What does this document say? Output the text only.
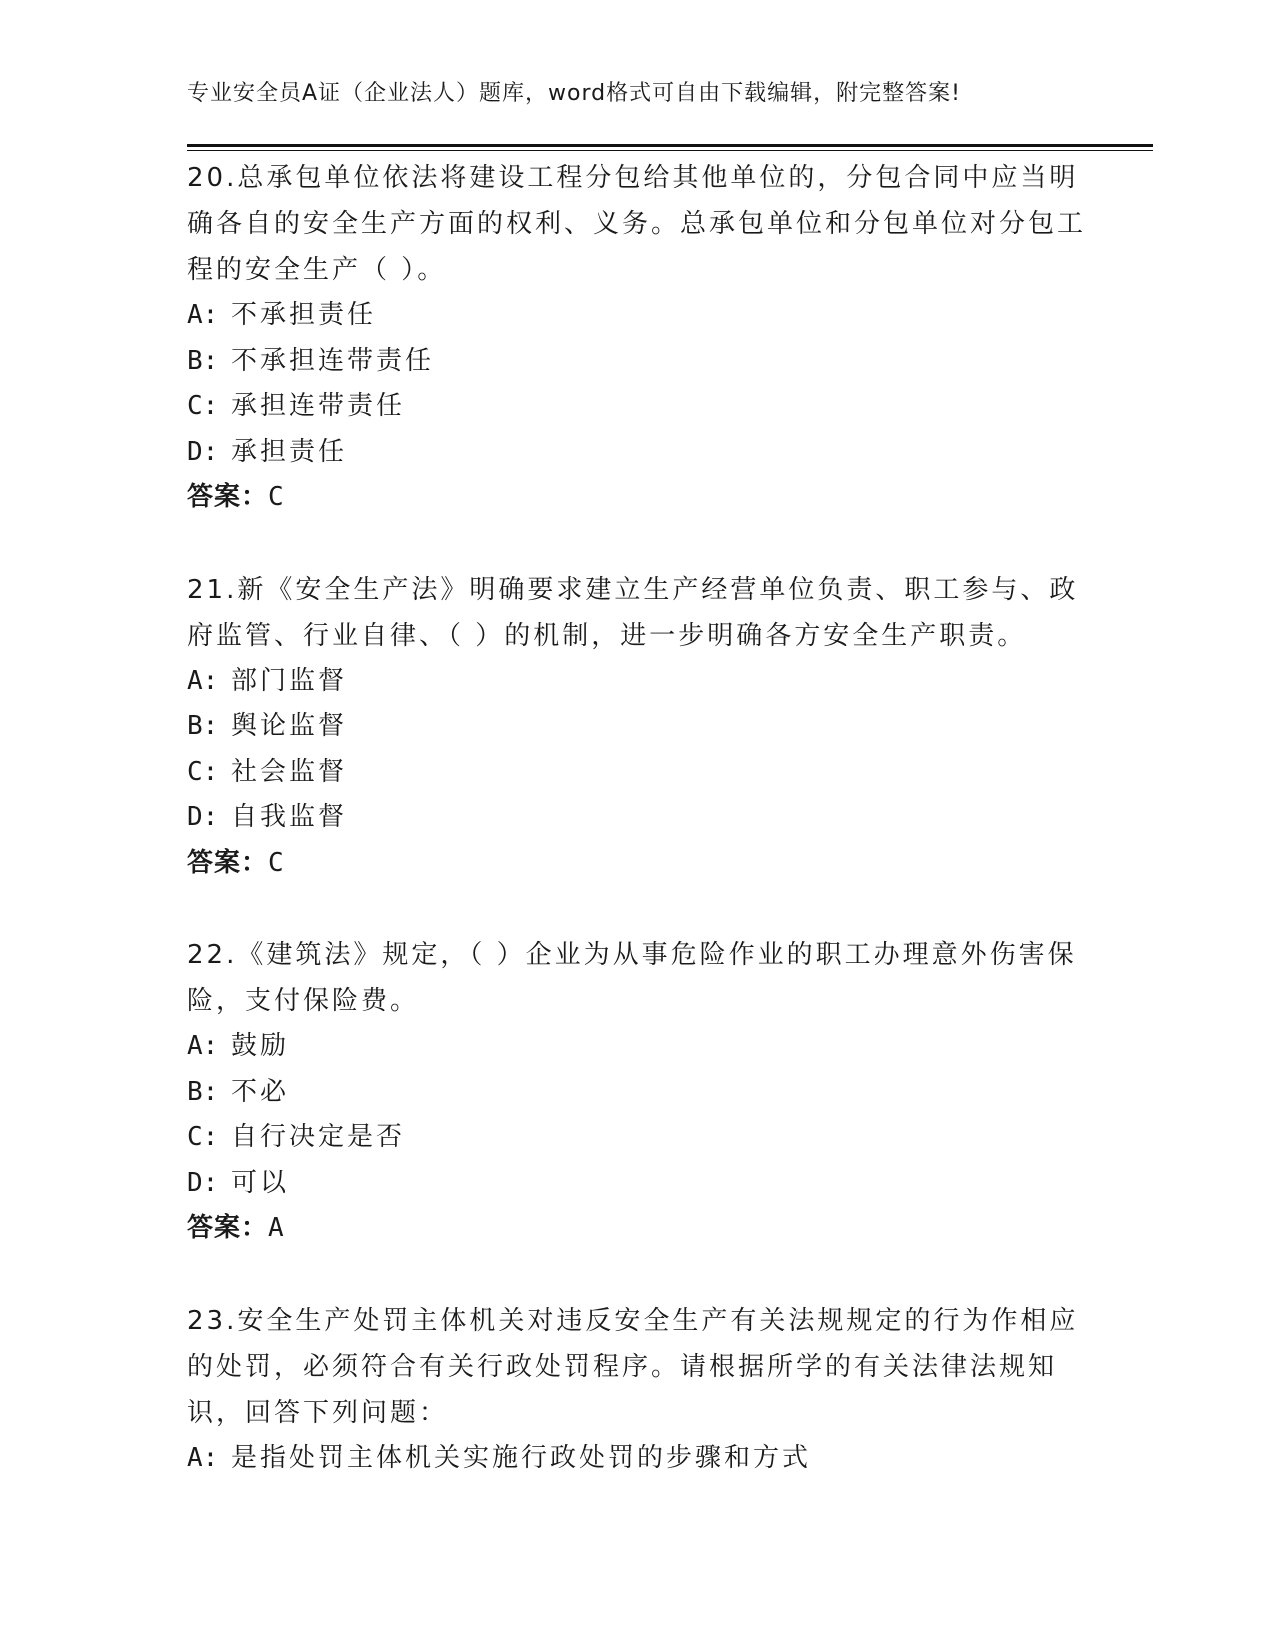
专业安全员A证（企业法人）题库，word格式可自由下载编辑，附完整答案!

20.总承包单位依法将建设工程分包给其他单位的，分包合同中应当明确各自的安全生产方面的权利、义务。总承包单位和分包单位对分包工程的安全生产（ ）。

A: 不承担责任
B: 不承担连带责任
C: 承担连带责任
D: 承担责任
答案：C

21.新《安全生产法》明确要求建立生产经营单位负责、职工参与、政府监管、行业自律、（ ）的机制，进一步明确各方安全生产职责。

A: 部门监督
B: 舆论监督
C: 社会监督
D: 自我监督
答案：C

22.《建筑法》规定，（ ）企业为从事危险作业的职工办理意外伤害保险，支付保险费。

A: 鼓励
B: 不必
C: 自行决定是否
D: 可以
答案：A

23.安全生产处罚主体机关对违反安全生产有关法规规定的行为作相应的处罚，必须符合有关行政处罚程序。请根据所学的有关法律法规知识，回答下列问题：

A: 是指处罚主体机关实施行政处罚的步骤和方式
